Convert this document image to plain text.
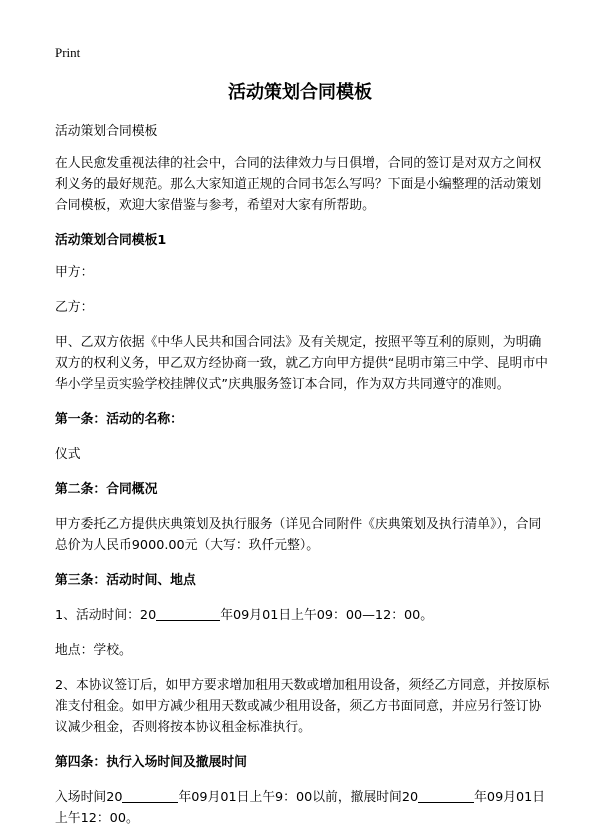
Print
活动策划合同模板

活动策划合同模板

在人民愈发重视法律的社会中，合同的法律效力与日俱增，合同的签订是对双方之间权利义务的最好规范。那么大家知道正规的合同书怎么写吗？下面是小编整理的活动策划合同模板，欢迎大家借鉴与参考，希望对大家有所帮助。

活动策划合同模板1

甲方：

乙方：

甲、乙双方依据《中华人民共和国合同法》及有关规定，按照平等互利的原则，为明确双方的权利义务，甲乙双方经协商一致，就乙方向甲方提供“昆明市第三中学、昆明市中华小学呈贡实验学校挂牌仪式”庆典服务签订本合同，作为双方共同遵守的准则。

第一条：活动的名称：

仪式

第二条：合同概况

甲方委托乙方提供庆典策划及执行服务（详见合同附件《庆典策划及执行清单》），合同总价为人民币9000.00元（大写：玖仟元整）。

第三条：活动时间、地点

1、活动时间：20	年09月01日上午09：00—12：00。

地点：学校。

2、本协议签订后，如甲方要求增加租用天数或增加租用设备，须经乙方同意，并按原标准支付租金。如甲方减少租用天数或减少租用设备，须乙方书面同意，并应另行签订协议减少租金，否则将按本协议租金标准执行。

第四条：执行入场时间及撤展时间

入场时间20	年09月01日上午9：00以前，撤展时间20	年09月01日上午12：00。
